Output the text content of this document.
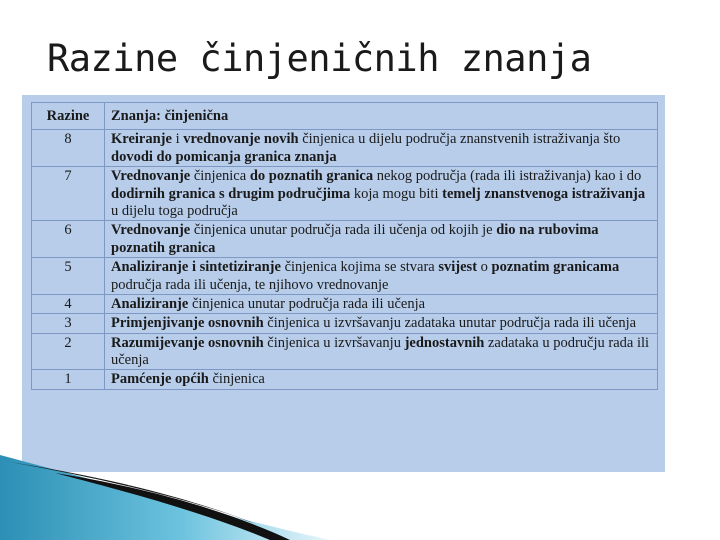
Razine činjeničnih znanja
Razine	Znanja: činjenična
8	Kreiranje i vrednovanje novih činjenica u dijelu područja znanstvenih istraživanja što dovodi do pomicanja granica znanja
7	Vrednovanje činjenica do poznatih granica nekog područja (rada ili istraživanja) kao i do dodirnih granica s drugim područjima koja mogu biti temelj znanstvenoga istraživanja u dijelu toga područja
6	Vrednovanje činjenica unutar područja rada ili učenja od kojih je dio na rubovima poznatih granica
5	Analiziranje i sintetiziranje činjenica kojima se stvara svijest o poznatim granicama područja rada ili učenja, te njihovo vrednovanje
4	Analiziranje činjenica unutar područja rada ili učenja
3	Primjenjivanje osnovnih činjenica u izvršavanju zadataka unutar područja rada ili učenja
2	Razumijevanje osnovnih činjenica u izvršavanju jednostavnih zadataka u području rada ili učenja
1	Pamćenje općih činjenica
